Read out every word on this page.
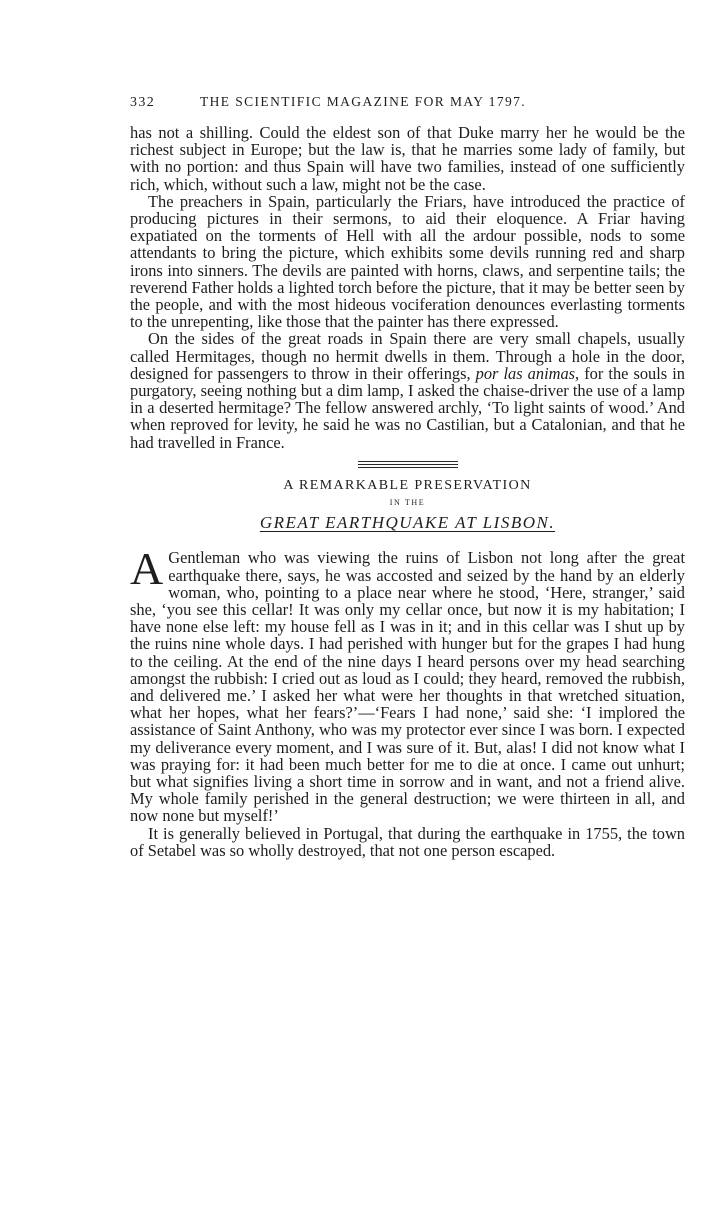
332	THE SCIENTIFIC MAGAZINE FOR MAY 1797.

has not a shilling. Could the eldest son of that Duke marry her he would be the richest subject in Europe; but the law is, that he marries some lady of family, but with no portion: and thus Spain will have two families, instead of one sufficiently rich, which, without such a law, might not be the case.

The preachers in Spain, particularly the Friars, have introduced the practice of producing pictures in their sermons, to aid their eloquence. A Friar having expatiated on the torments of Hell with all the ardour possible, nods to some attendants to bring the picture, which exhibits some devils running red and sharp irons into sinners. The devils are painted with horns, claws, and serpentine tails; the reverend Father holds a lighted torch before the picture, that it may be better seen by the people, and with the most hideous vociferation denounces everlasting torments to the unrepenting, like those that the painter has there expressed.

On the sides of the great roads in Spain there are very small chapels, usually called Hermitages, though no hermit dwells in them. Through a hole in the door, designed for passengers to throw in their offerings, por las animas, for the souls in purgatory, seeing nothing but a dim lamp, I asked the chaise-driver the use of a lamp in a deserted hermitage? The fellow answered archly, ‘To light saints of wood.’ And when reproved for levity, he said he was no Castilian, but a Catalonian, and that he had travelled in France.

A REMARKABLE PRESERVATION
IN THE
GREAT EARTHQUAKE AT LISBON.

A Gentleman who was viewing the ruins of Lisbon not long after the great earthquake there, says, he was accosted and seized by the hand by an elderly woman, who, pointing to a place near where he stood, ‘Here, stranger,’ said she, ‘you see this cellar! It was only my cellar once, but now it is my habitation; I have none else left: my house fell as I was in it; and in this cellar was I shut up by the ruins nine whole days. I had perished with hunger but for the grapes I had hung to the ceiling. At the end of the nine days I heard persons over my head searching amongst the rubbish: I cried out as loud as I could; they heard, removed the rubbish, and delivered me.’ I asked her what were her thoughts in that wretched situation, what her hopes, what her fears?’—‘Fears I had none,’ said she: ‘I implored the assistance of Saint Anthony, who was my protector ever since I was born. I expected my deliverance every moment, and I was sure of it. But, alas! I did not know what I was praying for: it had been much better for me to die at once. I came out unhurt; but what signifies living a short time in sorrow and in want, and not a friend alive. My whole family perished in the general destruction; we were thirteen in all, and now none but myself!’

It is generally believed in Portugal, that during the earthquake in 1755, the town of Setabel was so wholly destroyed, that not one person escaped.
